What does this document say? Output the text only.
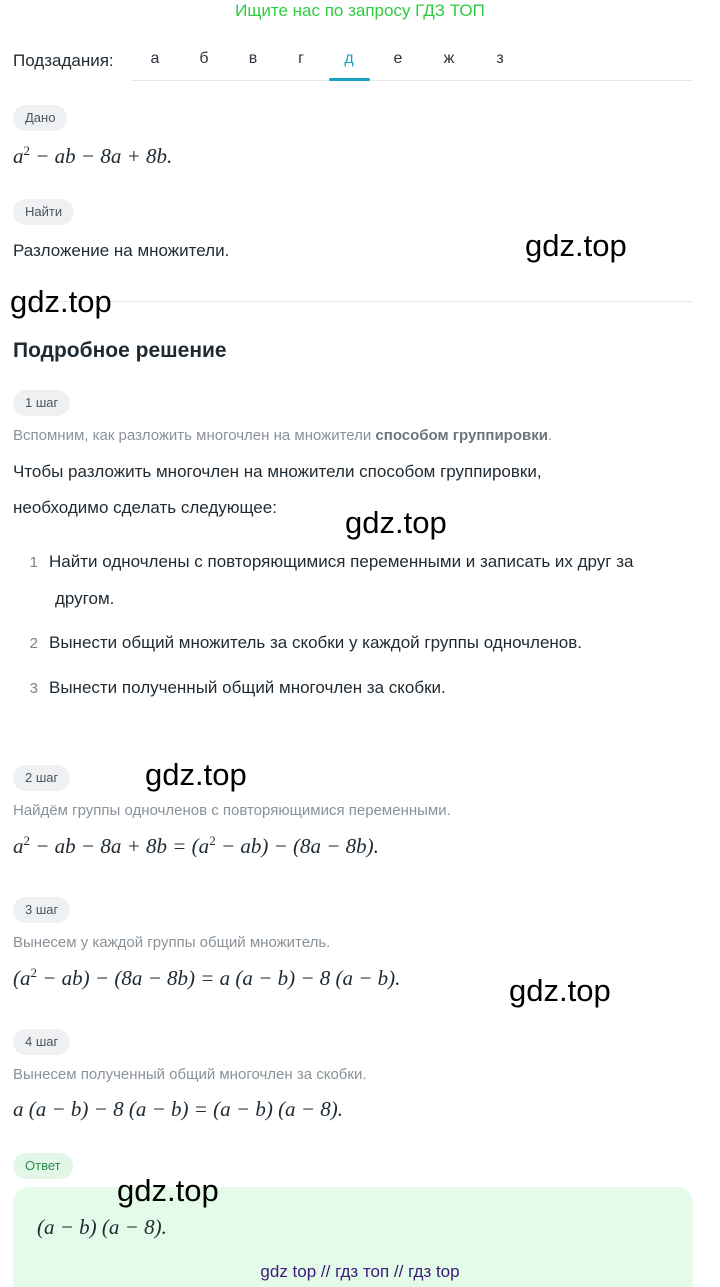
Ищите нас по запросу ГДЗ ТОП
Подзадания:	а	б	в	г	д	е	ж	з
Дано
$a^2$ − ab − 8a + 8b.
Найти
Разложение на множители.
Подробное решение
1 шаг
Вспомним, как разложить многочлен на множители способом группировки.
Чтобы разложить многочлен на множители способом группировки,
необходимо сделать следующее:
1 Найти одночлены с повторяющимися переменными и записать их друг за
другом.
2 Вынести общий множитель за скобки у каждой группы одночленов.
3 Вынести полученный общий многочлен за скобки.
2 шаг
Найдём группы одночленов с повторяющимися переменными.
$a^2$ − ab − $8a + 8b = (a^2 - ab) - (8a - 8b)$.
3 шаг
Вынесем у каждой группы общий множитель.
$(a^2 - ab) - (8a - 8b) = a$ (a − b) − 8 (a − b).
4 шаг
Вынесем полученный общий многочлен за скобки.
a (a − b) − 8 (a − b) = (a − b) (a − 8).
Ответ
(a − b) (a − 8).
gdz.top
gdz.top
gdz.top
gdz.top
gdz.top
gdz.top
gdz top // гдз топ // гдз top
